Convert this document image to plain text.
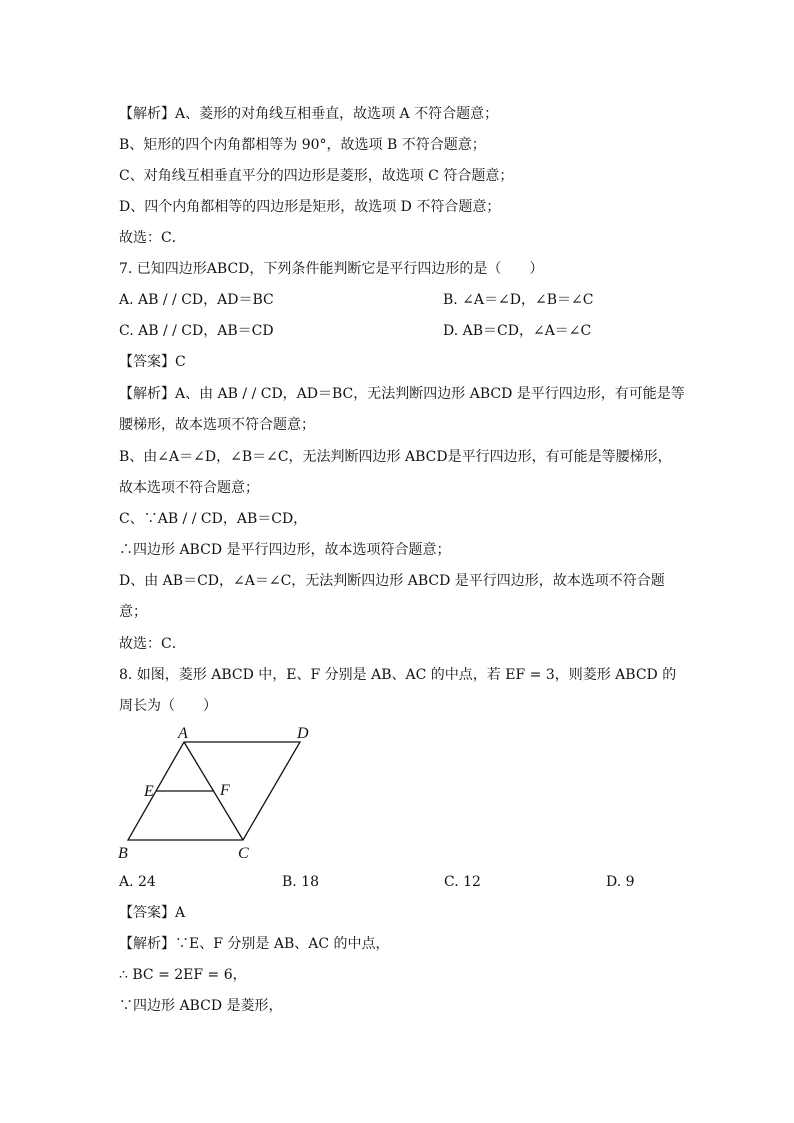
【解析】A、菱形的对角线互相垂直，故选项 A 不符合题意；
B、矩形的四个内角都相等为 90°，故选项 B 不符合题意；
C、对角线互相垂直平分的四边形是菱形，故选项 C 符合题意；
D、四个内角都相等的四边形是矩形，故选项 D 不符合题意；
故选：C．
7. 已知四边形ABCD，下列条件能判断它是平行四边形的是（　　）
A. AB / / CD，AD＝BC	B. ∠A＝∠D，∠B＝∠C
C. AB / / CD，AB＝CD	D. AB＝CD，∠A＝∠C
【答案】C
【解析】A、由 AB / / CD，AD＝BC，无法判断四边形 ABCD 是平行四边形，有可能是等
腰梯形，故本选项不符合题意；
B、由∠A＝∠D，∠B＝∠C，无法判断四边形 ABCD是平行四边形，有可能是等腰梯形，
故本选项不符合题意；
C、∵AB / / CD，AB＝CD，
∴四边形 ABCD 是平行四边形，故本选项符合题意；
D、由 AB＝CD，∠A＝∠C，无法判断四边形 ABCD 是平行四边形，故本选项不符合题
意；
故选：C．
8. 如图，菱形 ABCD 中，E、F 分别是 AB、AC 的中点，若 EF = 3，则菱形 ABCD 的
周长为（　　）
A	D
E	F
B	C
A. 24	B. 18	C. 12	D. 9
【答案】A
【解析】∵E、F 分别是 AB、AC 的中点，
∴ BC = 2EF = 6，
∵四边形 ABCD 是菱形，
